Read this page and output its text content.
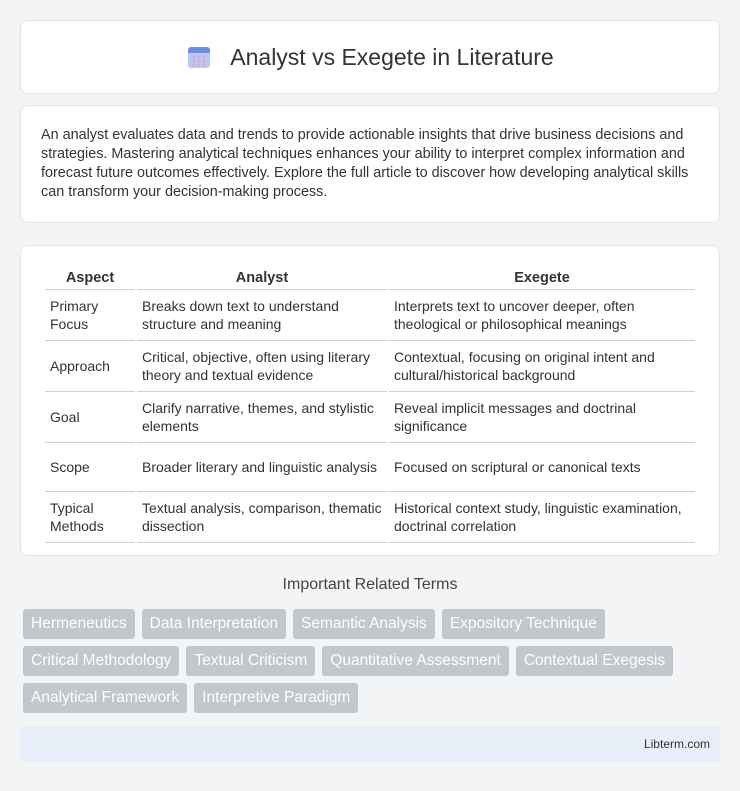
Analyst vs Exegete in Literature

An analyst evaluates data and trends to provide actionable insights that drive business decisions and strategies. Mastering analytical techniques enhances your ability to interpret complex information and forecast future outcomes effectively. Explore the full article to discover how developing analytical skills can transform your decision-making process.

Aspect	Analyst	Exegete
Primary Focus	Breaks down text to understand structure and meaning	Interprets text to uncover deeper, often theological or philosophical meanings
Approach	Critical, objective, often using literary theory and textual evidence	Contextual, focusing on original intent and cultural/historical background
Goal	Clarify narrative, themes, and stylistic elements	Reveal implicit messages and doctrinal significance
Scope	Broader literary and linguistic analysis	Focused on scriptural or canonical texts
Typical Methods	Textual analysis, comparison, thematic dissection	Historical context study, linguistic examination, doctrinal correlation
Important Related Terms
Hermeneutics	Data Interpretation	Semantic Analysis	Expository Technique
Critical Methodology	Textual Criticism	Quantitative Assessment	Contextual Exegesis
Analytical Framework	Interpretive Paradigm
Libterm.com
